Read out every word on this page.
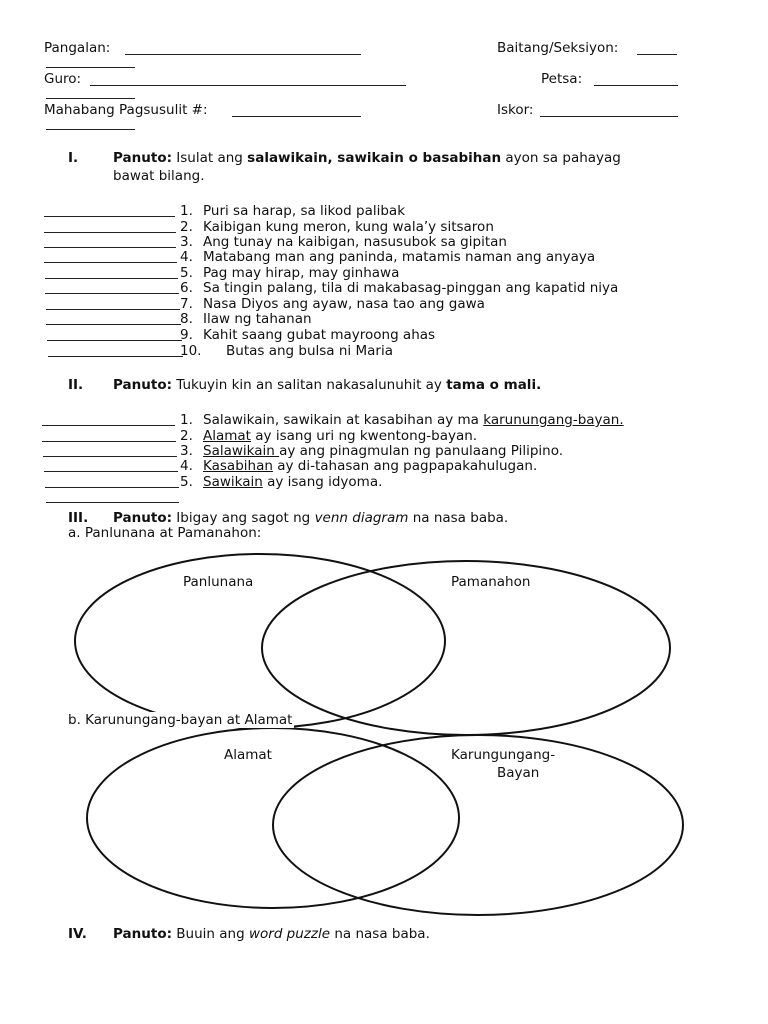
Pangalan:	Baitang/Seksiyon:
Guro:	Petsa:
Mahabang Pagsusulit #:	Iskor:
I.	Panuto: Isulat ang salawikain, sawikain o basabihan ayon sa pahayag
bawat bilang.
1. Puri sa harap, sa likod palibak
2. Kaibigan kung meron, kung wala’y sitsaron
3. Ang tunay na kaibigan, nasusubok sa gipitan
4. Matabang man ang paninda, matamis naman ang anyaya
5. Pag may hirap, may ginhawa
6. Sa tingin palang, tila di makabasag-pinggan ang kapatid niya
7. Nasa Diyos ang ayaw, nasa tao ang gawa
8. Ilaw ng tahanan
9. Kahit saang gubat mayroong ahas
10. Butas ang bulsa ni Maria
II. Panuto: Tukuyin kin an salitan nakasalunuhit ay tama o mali.
1. Salawikain, sawikain at kasabihan ay ma karunungang-bayan.
2. Alamat ay isang uri ng kwentong-bayan.
3. Salawikain ay ang pinagmulan ng panulaang Pilipino.
4. Kasabihan ay di-tahasan ang pagpapakahulugan.
5. Sawikain ay isang idyoma.
III. Panuto: Ibigay ang sagot ng venn diagram na nasa baba.
a. Panlunana at Pamanahon:
Panlunana	Pamanahon
b. Karunungang-bayan at Alamat
Alamat	Karungungang-
Bayan
IV. Panuto: Buuin ang word puzzle na nasa baba.
